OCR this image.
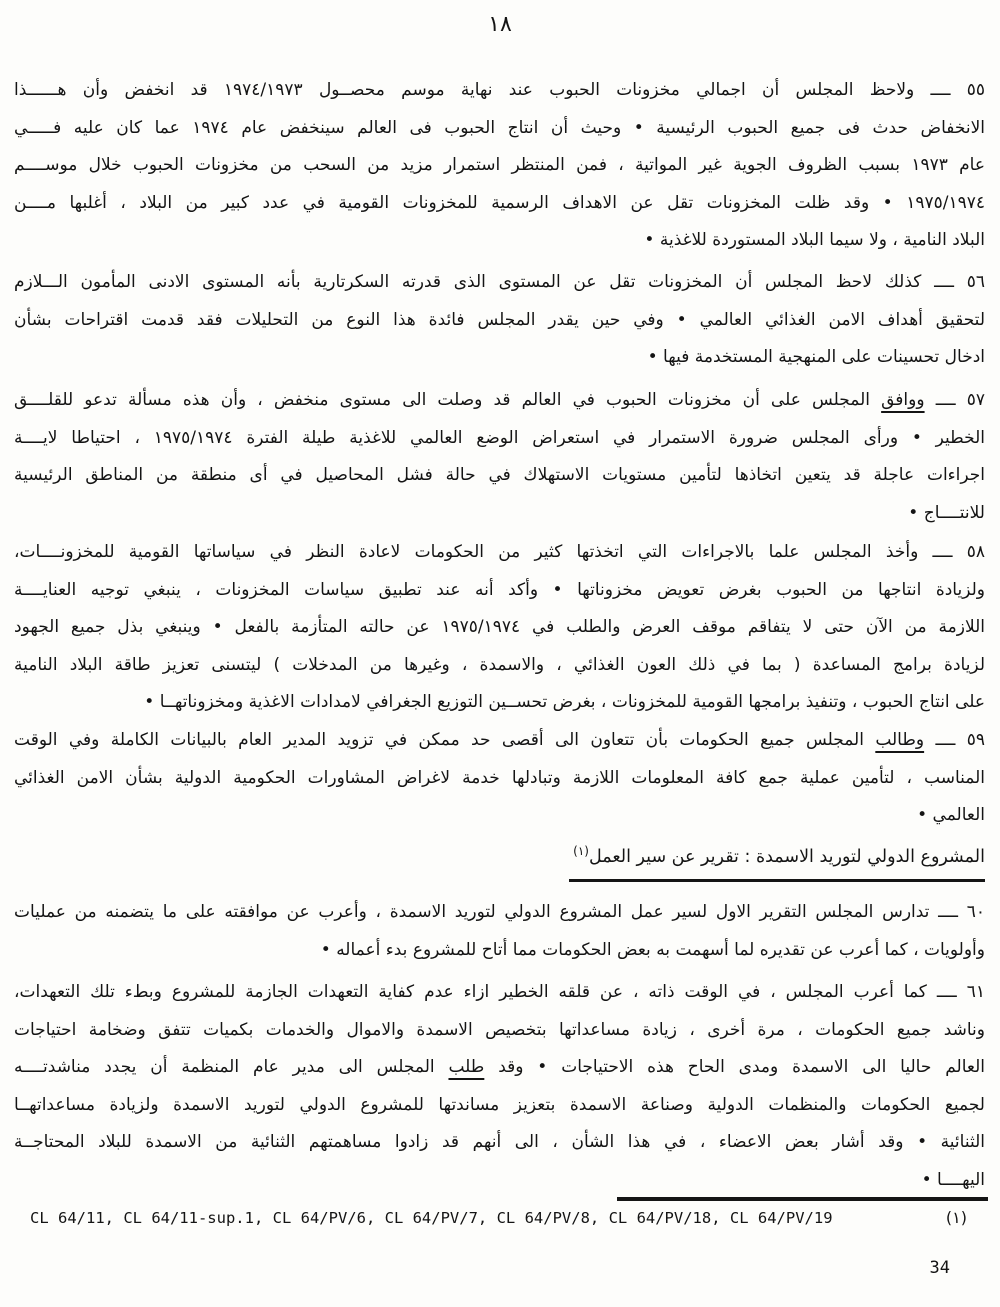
١٨
٥٥ ــــ ولاحظ المجلس أن اجمالي مخزونات الحبوب عند نهاية موسم محصــول ١٩٧٤/١٩٧٣ قد انخفض وأن هــــــذا
الانخفاض حدث فى جميع الحبوب الرئيسية • وحيث أن انتاج الحبوب فى العالم سينخفض عام ١٩٧٤ عما كان عليه فـــــي
عام ١٩٧٣ بسبب الظروف الجوية غير المواتية ، فمن المنتظر استمرار مزيد من السحب من مخزونات الحبوب خلال موســــم
١٩٧٥/١٩٧٤ • وقد ظلت المخزونات تقل عن الاهداف الرسمية للمخزونات القومية في عدد كبير من البلاد ، أغلبها مــــن
البلاد النامية ، ولا سيما البلاد المستوردة للاغذية •
٥٦ ــــ كذلك لاحظ المجلس أن المخزونات تقل عن المستوى الذى قدرته السكرتارية بأنه المستوى الادنى المأمون الـــلازم
لتحقيق أهداف الامن الغذائي العالمي • وفي حين يقدر المجلس فائدة هذا النوع من التحليلات فقد قدمت اقتراحات بشأن
ادخال تحسينات على المنهجية المستخدمة فيها •
٥٧ ــــ ووافق المجلس على أن مخزونات الحبوب في العالم قد وصلت الى مستوى منخفض ، وأن هذه مسألة تدعو للقلــــق
الخطير • ورأى المجلس ضرورة الاستمرار في استعراض الوضع العالمي للاغذية طيلة الفترة ١٩٧٥/١٩٧٤ ، احتياطا لايــــة
اجراءات عاجلة قد يتعين اتخاذها لتأمين مستويات الاستهلاك في حالة فشل المحاصيل في أى منطقة من المناطق الرئيسية
للانتــــاج •
٥٨ ــــ وأخذ المجلس علما بالاجراءات التي اتخذتها كثير من الحكومات لاعادة النظر في سياساتها القومية للمخزونــــات،
ولزيادة انتاجها من الحبوب بغرض تعويض مخزوناتها • وأكد أنه عند تطبيق سياسات المخزونات ، ينبغي توجيه العنايــــة
اللازمة من الآن حتى لا يتفاقم موقف العرض والطلب في ١٩٧٥/١٩٧٤ عن حالته المتأزمة بالفعل • وينبغي بذل جميع الجهود
لزيادة برامج المساعدة ( بما في ذلك العون الغذائي ، والاسمدة ، وغيرها من المدخلات ) ليتسنى تعزيز طاقة البلاد النامية
على انتاج الحبوب ، وتنفيذ برامجها القومية للمخزونات ، بغرض تحســين التوزيع الجغرافي لامدادات الاغذية ومخزوناتهــا •
٥٩ ــــ وطالب المجلس جميع الحكومات بأن تتعاون الى أقصى حد ممكن في تزويد المدير العام بالبيانات الكاملة وفي الوقت
المناسب ، لتأمين عملية جمع كافة المعلومات اللازمة وتبادلها خدمة لاغراض المشاورات الحكومية الدولية بشأن الامن الغذائي
العالمي •
٦٠ ــــ تدارس المجلس التقرير الاول لسير عمل المشروع الدولي لتوريد الاسمدة ، وأعرب عن موافقته على ما يتضمنه من عمليات
وأولويات ، كما أعرب عن تقديره لما أسهمت به بعض الحكومات مما أتاح للمشروع بدء أعماله •
٦١ ــــ كما أعرب المجلس ، في الوقت ذاته ، عن قلقه الخطير ازاء عدم كفاية التعهدات الجازمة للمشروع وبطء تلك التعهدات،
وناشد جميع الحكومات ، مرة أخرى ، زيادة مساعداتها بتخصيص الاسمدة والاموال والخدمات بكميات تتفق وضخامة احتياجات
العالم حاليا الى الاسمدة ومدى الحاح هذه الاحتياجات • وقد طلب المجلس الى مدير عام المنظمة أن يجدد مناشدتــــه
لجميع الحكومات والمنظمات الدولية وصناعة الاسمدة بتعزيز مساندتها للمشروع الدولي لتوريد الاسمدة ولزيادة مساعداتهــا
الثنائية • وقد أشار بعض الاعضاء ، في هذا الشأن ، الى أنهم قد زادوا مساهمتهم الثنائية من الاسمدة للبلاد المحتاجــة
اليهــــا •
المشروع الدولي لتوريد الاسمدة : تقرير عن سير العمل$^{(١)}$
CL 64/11, CL 64/11-sup.1, CL 64/PV/6, CL 64/PV/7, CL 64/PV/8, CL 64/PV/18, CL 64/PV/19	(١)
34
